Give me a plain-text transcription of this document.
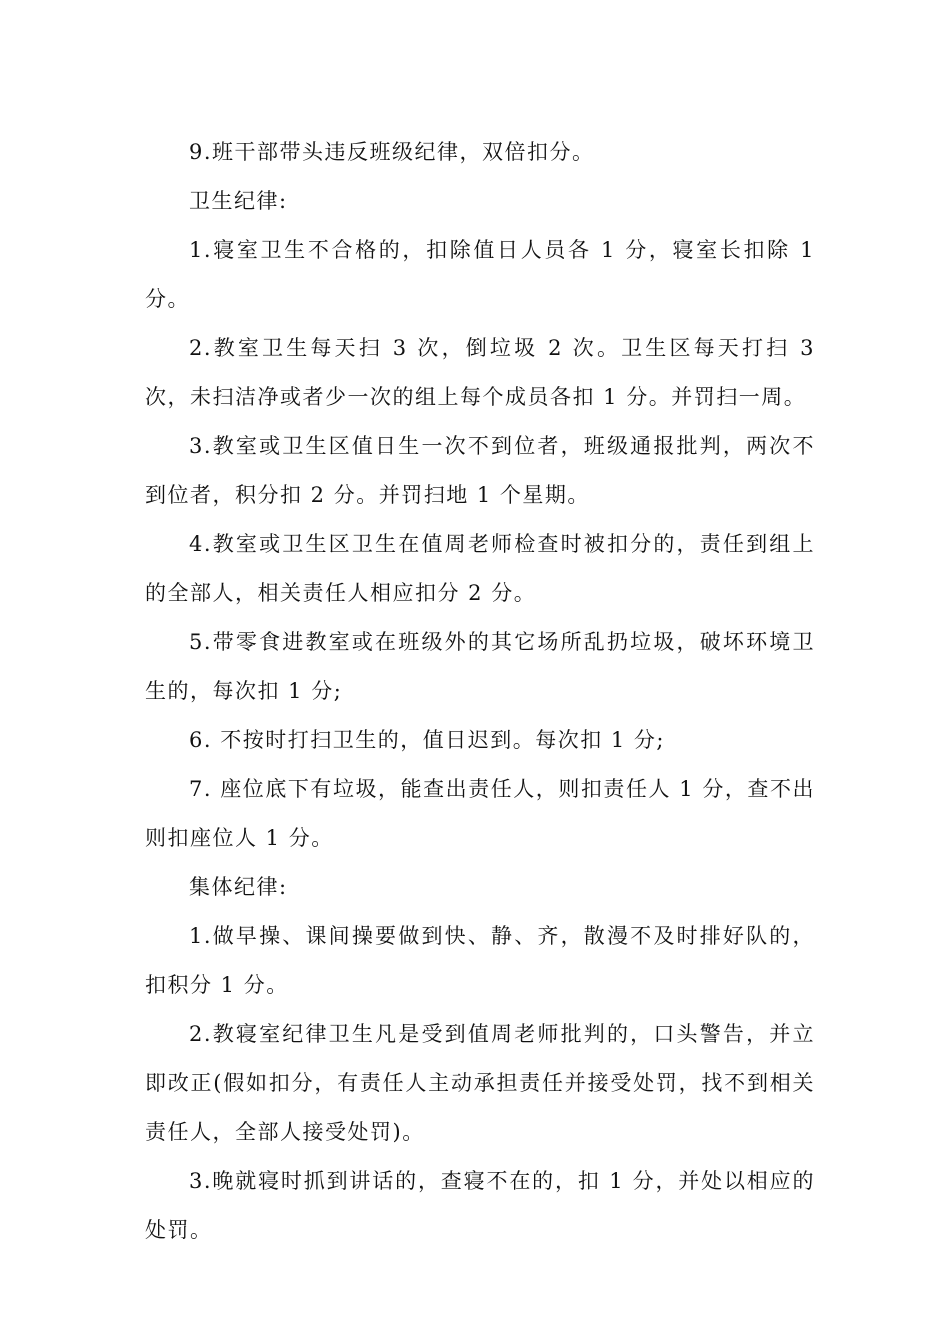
9.班干部带头违反班级纪律，双倍扣分。

卫生纪律:

1.寝室卫生不合格的，扣除值日人员各 1 分，寝室长扣除 1 分。

2.教室卫生每天扫 3 次，倒垃圾 2 次。卫生区每天打扫 3 次，未扫洁净或者少一次的组上每个成员各扣 1 分。并罚扫一周。

3.教室或卫生区值日生一次不到位者，班级通报批判，两次不到位者，积分扣 2 分。并罚扫地 1 个星期。

4.教室或卫生区卫生在值周老师检查时被扣分的，责任到组上的全部人，相关责任人相应扣分 2 分。

5.带零食进教室或在班级外的其它场所乱扔垃圾，破坏环境卫生的，每次扣 1 分;

6. 不按时打扫卫生的，值日迟到。每次扣 1 分;

7. 座位底下有垃圾，能查出责任人，则扣责任人 1 分，查不出则扣座位人 1 分。

集体纪律:

1.做早操、课间操要做到快、静、齐，散漫不及时排好队的，扣积分 1 分。

2.教寝室纪律卫生凡是受到值周老师批判的，口头警告，并立即改正(假如扣分，有责任人主动承担责任并接受处罚，找不到相关责任人，全部人接受处罚)。

3.晚就寝时抓到讲话的，查寝不在的，扣 1 分，并处以相应的处罚。
